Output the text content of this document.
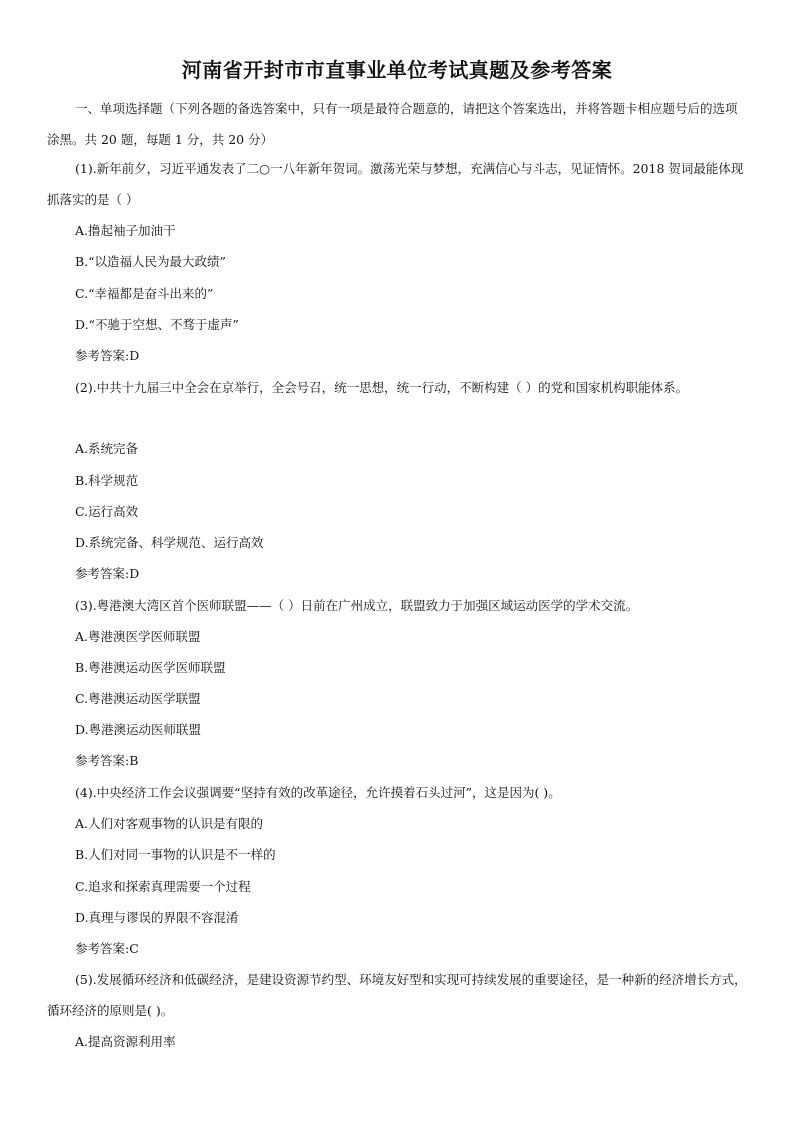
河南省开封市市直事业单位考试真题及参考答案
一、单项选择题（下列各题的备选答案中，只有一项是最符合题意的，请把这个答案选出，并将答题卡相应题号后的选项涂黑。共 20 题，每题 1 分，共 20 分）
(1).新年前夕，习近平通发表了二○一八年新年贺词。激荡光荣与梦想，充满信心与斗志，见证情怀。2018 贺词最能体现抓落实的是（ ）
A.撸起袖子加油干
B.“以造福人民为最大政绩”
C.“幸福都是奋斗出来的”
D.“不驰于空想、不骛于虚声”
参考答案:D
(2).中共十九届三中全会在京举行，全会号召，统一思想，统一行动，不断构建（ ）的党和国家机构职能体系。
A.系统完备
B.科学规范
C.运行高效
D.系统完备、科学规范、运行高效
参考答案:D
(3).粤港澳大湾区首个医师联盟——（ ）日前在广州成立，联盟致力于加强区域运动医学的学术交流。
A.粤港澳医学医师联盟
B.粤港澳运动医学医师联盟
C.粤港澳运动医学联盟
D.粤港澳运动医师联盟
参考答案:B
(4).中央经济工作会议强调要“坚持有效的改革途径，允许摸着石头过河”，这是因为( )。
A.人们对客观事物的认识是有限的
B.人们对同一事物的认识是不一样的
C.追求和探索真理需要一个过程
D.真理与谬误的界限不容混淆
参考答案:C
(5).发展循环经济和低碳经济，是建设资源节约型、环境友好型和实现可持续发展的重要途径，是一种新的经济增长方式，循环经济的原则是( )。
A.提高资源利用率
